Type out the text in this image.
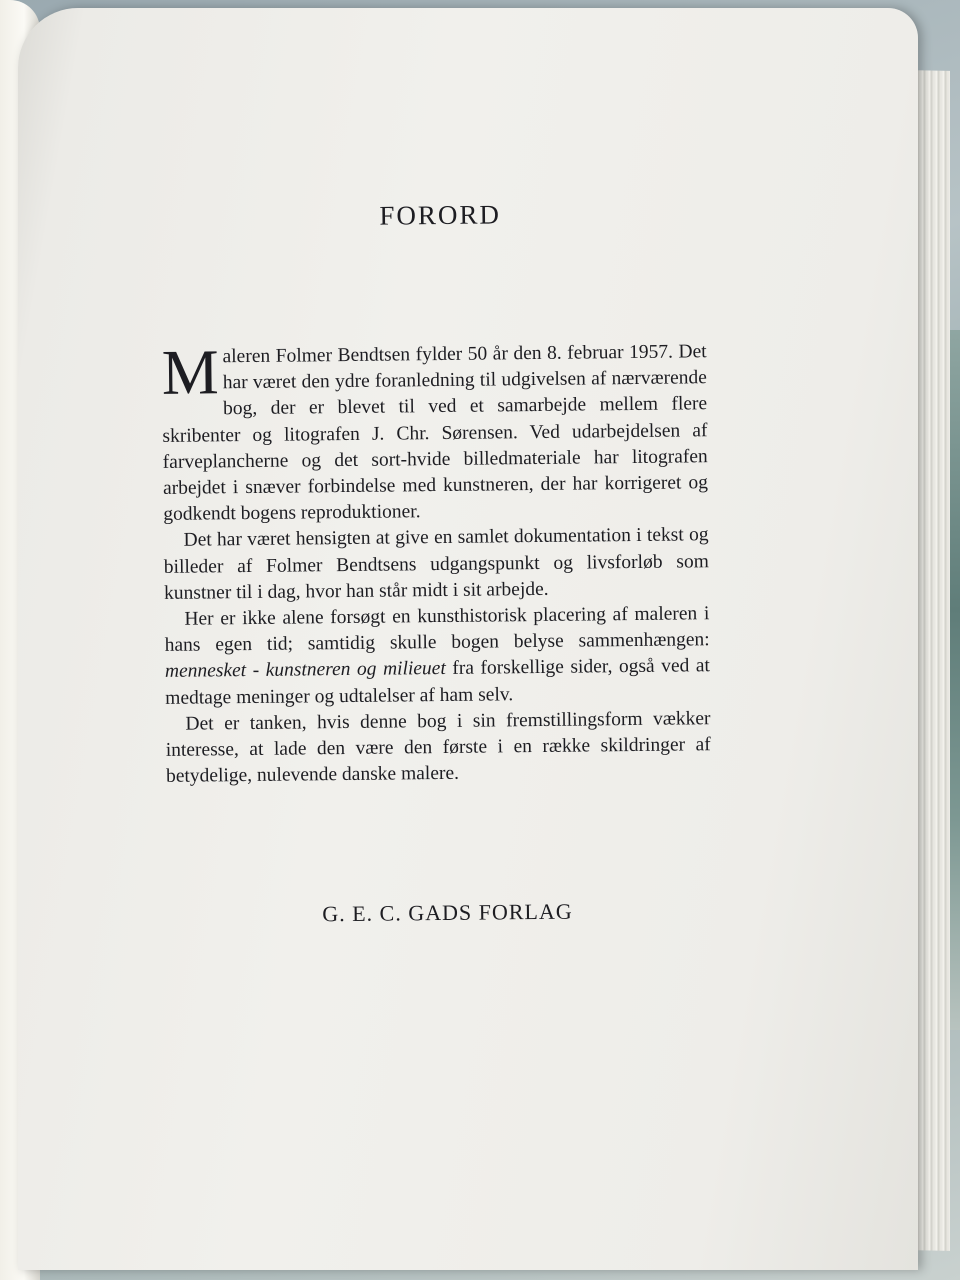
FORORD

Maleren Folmer Bendtsen fylder 50 år den 8. februar 1957. Det har været den ydre foranledning til udgivelsen af nærværende bog, der er blevet til ved et samarbejde mellem flere skribenter og litografen J. Chr. Sørensen. Ved udarbejdelsen af farveplancherne og det sort-hvide billedmateriale har litografen arbejdet i snæver forbindelse med kunstneren, der har korrigeret og godkendt bogens reproduktioner.

Det har været hensigten at give en samlet dokumentation i tekst og billeder af Folmer Bendtsens udgangspunkt og livsforløb som kunstner til i dag, hvor han står midt i sit arbejde.

Her er ikke alene forsøgt en kunsthistorisk placering af maleren i hans egen tid; samtidig skulle bogen belyse sammenhængen: mennesket - kunstneren og milieuet fra forskellige sider, også ved at medtage meninger og udtalelser af ham selv.

Det er tanken, hvis denne bog i sin fremstillingsform vækker interesse, at lade den være den første i en række skildringer af betydelige, nulevende danske malere.

G. E. C. GADS FORLAG
